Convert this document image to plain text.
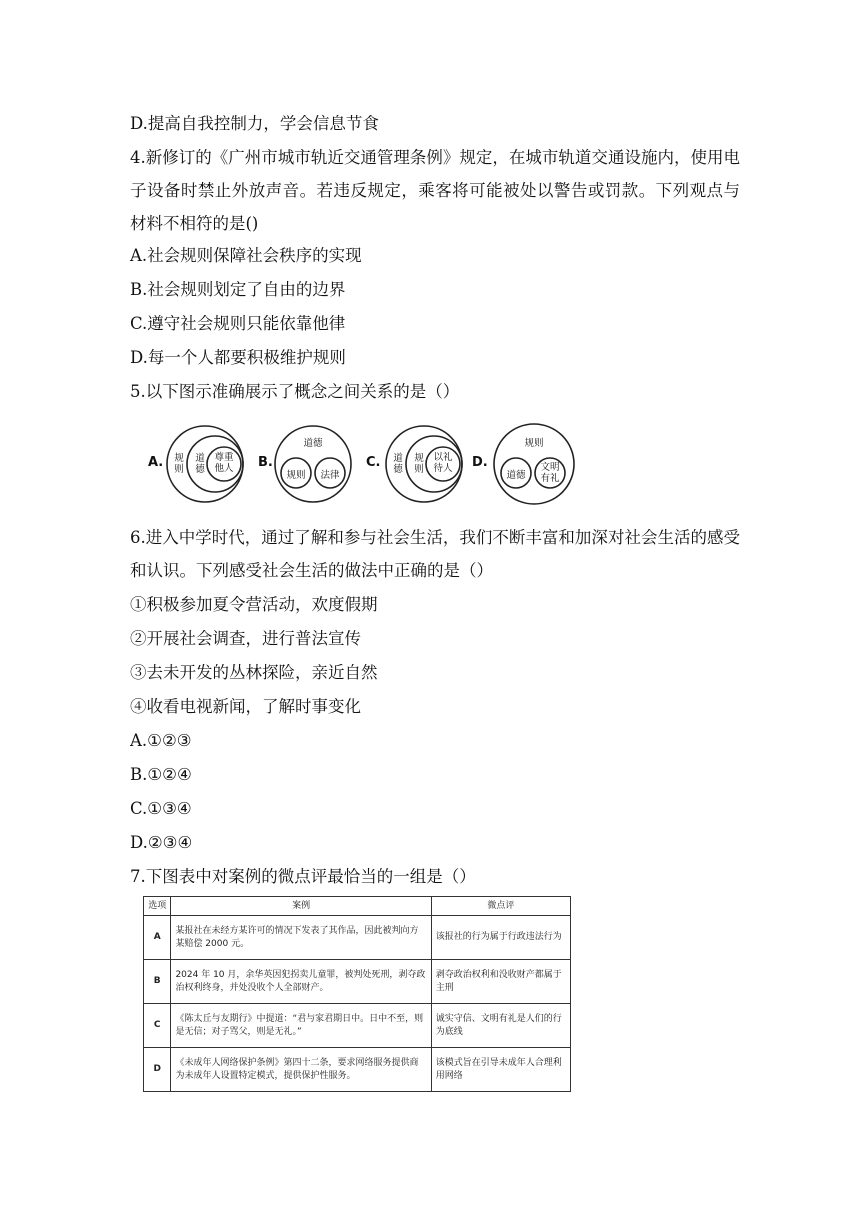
D.提高自我控制力，学会信息节食
4.新修订的《广州市城市轨近交通管理条例》规定，在城市轨道交通设施内，使用电子设备时禁止外放声音。若违反规定，乘客将可能被处以警告或罚款。下列观点与材料不相符的是()
A.社会规则保障社会秩序的实现
B.社会规则划定了自由的边界
C.遵守社会规则只能依靠他律
D.每一个人都要积极维护规则
5.以下图示准确展示了概念之间关系的是（）
A. 规则
道德
尊重他人 B.
道德
规则	法律
C. 道德
规则
以礼待人 D.
规则
道德
文明有礼
6.进入中学时代，通过了解和参与社会生活，我们不断丰富和加深对社会生活的感受和认识。下列感受社会生活的做法中正确的是（）
①积极参加夏令营活动，欢度假期
②开展社会调查，进行普法宣传
③去未开发的丛林探险，亲近自然
④收看电视新闻，了解时事变化
A.①②③
B.①②④
C.①③④
D.②③④
7.下图表中对案例的微点评最恰当的一组是（）
选项	案例	微点评
A	某报社在未经方某许可的情况下发表了其作品，因此被判向方某赔偿 2000 元。	该报社的行为属于行政违法行为
B	2024 年 10 月，余华英因犯拐卖儿童罪，被判处死刑，剥夺政治权利终身，并处没收个人全部财产。	剥夺政治权利和没收财产都属于主刑
C	《陈太丘与友期行》中提道：“君与家君期日中。日中不至，则是无信；对子骂父，则是无礼。”	诚实守信、文明有礼是人们的行为底线
D	《未成年人网络保护条例》第四十二条，要求网络服务提供商为未成年人设置特定模式，提供保护性服务。	该模式旨在引导未成年人合理利用网络
